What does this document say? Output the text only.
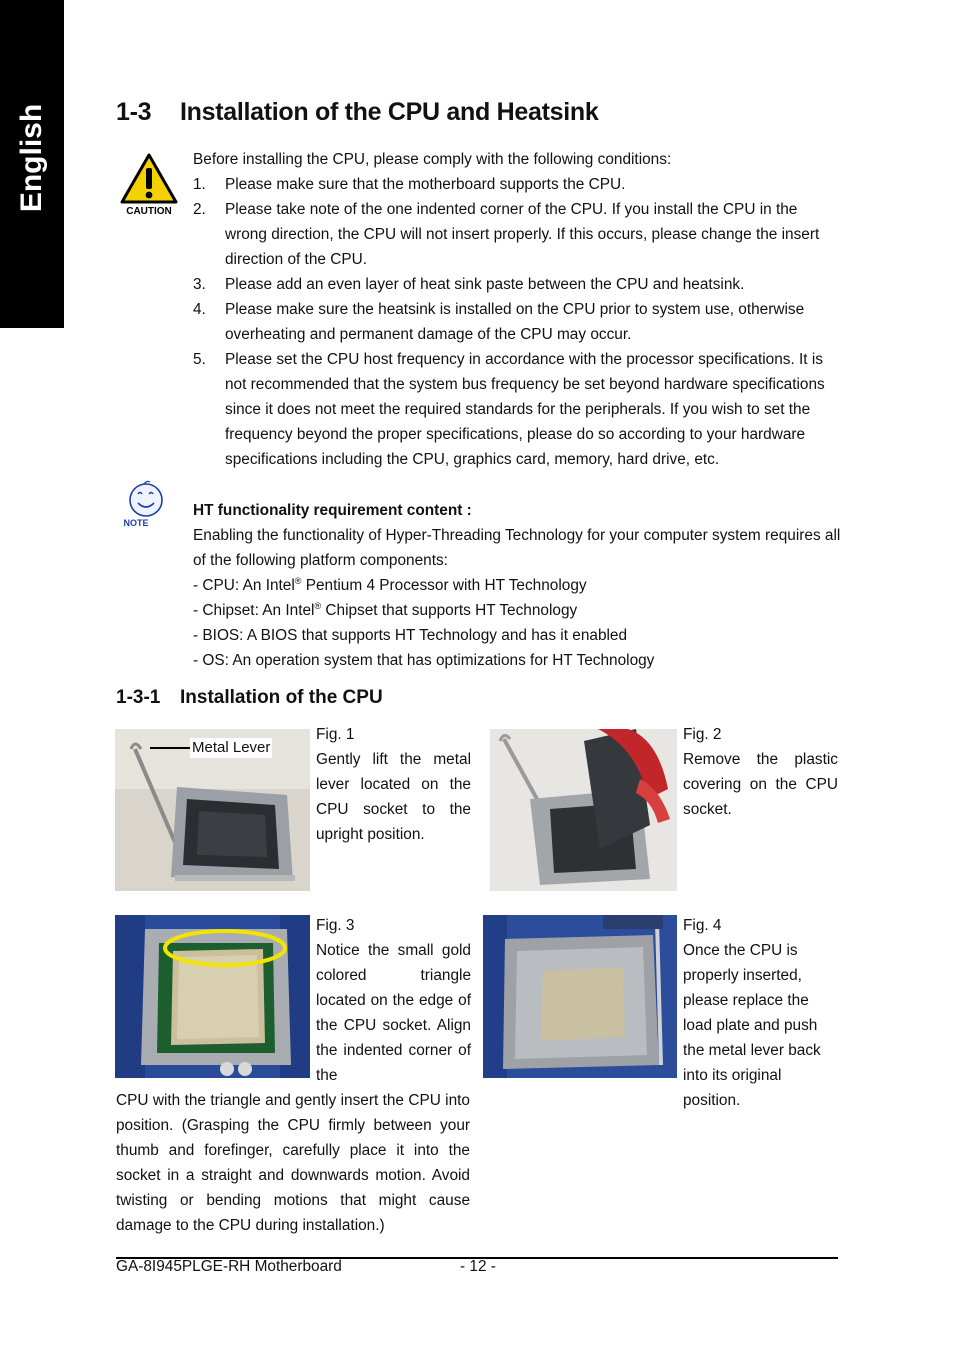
English	1-3 Installation of the CPU and Heatsink
CAUTION
Before installing the CPU, please comply with the following conditions:
1. Please make sure that the motherboard supports the CPU.
2. Please take note of the one indented corner of the CPU. If you install the CPU in the wrong direction, the CPU will not insert properly. If this occurs, please change the insert direction of the CPU.
3. Please add an even layer of heat sink paste between the CPU and heatsink.
4. Please make sure the heatsink is installed on the CPU prior to system use, otherwise overheating and permanent damage of the CPU may occur.
5. Please set the CPU host frequency in accordance with the processor specifications. It is not recommended that the system bus frequency be set beyond hardware specifications since it does not meet the required standards for the peripherals. If you wish to set the frequency beyond the proper specifications, please do so according to your hardware specifications including the CPU, graphics card, memory, hard drive, etc.
NOTE
HT functionality requirement content :
Enabling the functionality of Hyper-Threading Technology for your computer system requires all of the following platform components:
- CPU: An Intel® Pentium 4 Processor with HT Technology
- Chipset: An Intel® Chipset that supports HT Technology
- BIOS: A BIOS that supports HT Technology and has it enabled
- OS: An operation system that has optimizations for HT Technology
1-3-1 Installation of the CPU
Metal Lever
Fig. 1
Gently lift the metal lever located on the CPU socket to the upright position.
Fig. 2
Remove the plastic covering on the CPU socket.
Fig. 3
Notice the small gold colored triangle located on the edge of the CPU socket. Align the indented corner of the
CPU with the triangle and gently insert the CPU into position. (Grasping the CPU firmly between your thumb and forefinger, carefully place it into the socket in a straight and downwards motion. Avoid twisting or bending motions that might cause damage to the CPU during installation.)
Fig. 4
Once the CPU is properly inserted, please replace the load plate and push the metal lever back into its original position.
GA-8I945PLGE-RH Motherboard	- 12 -
